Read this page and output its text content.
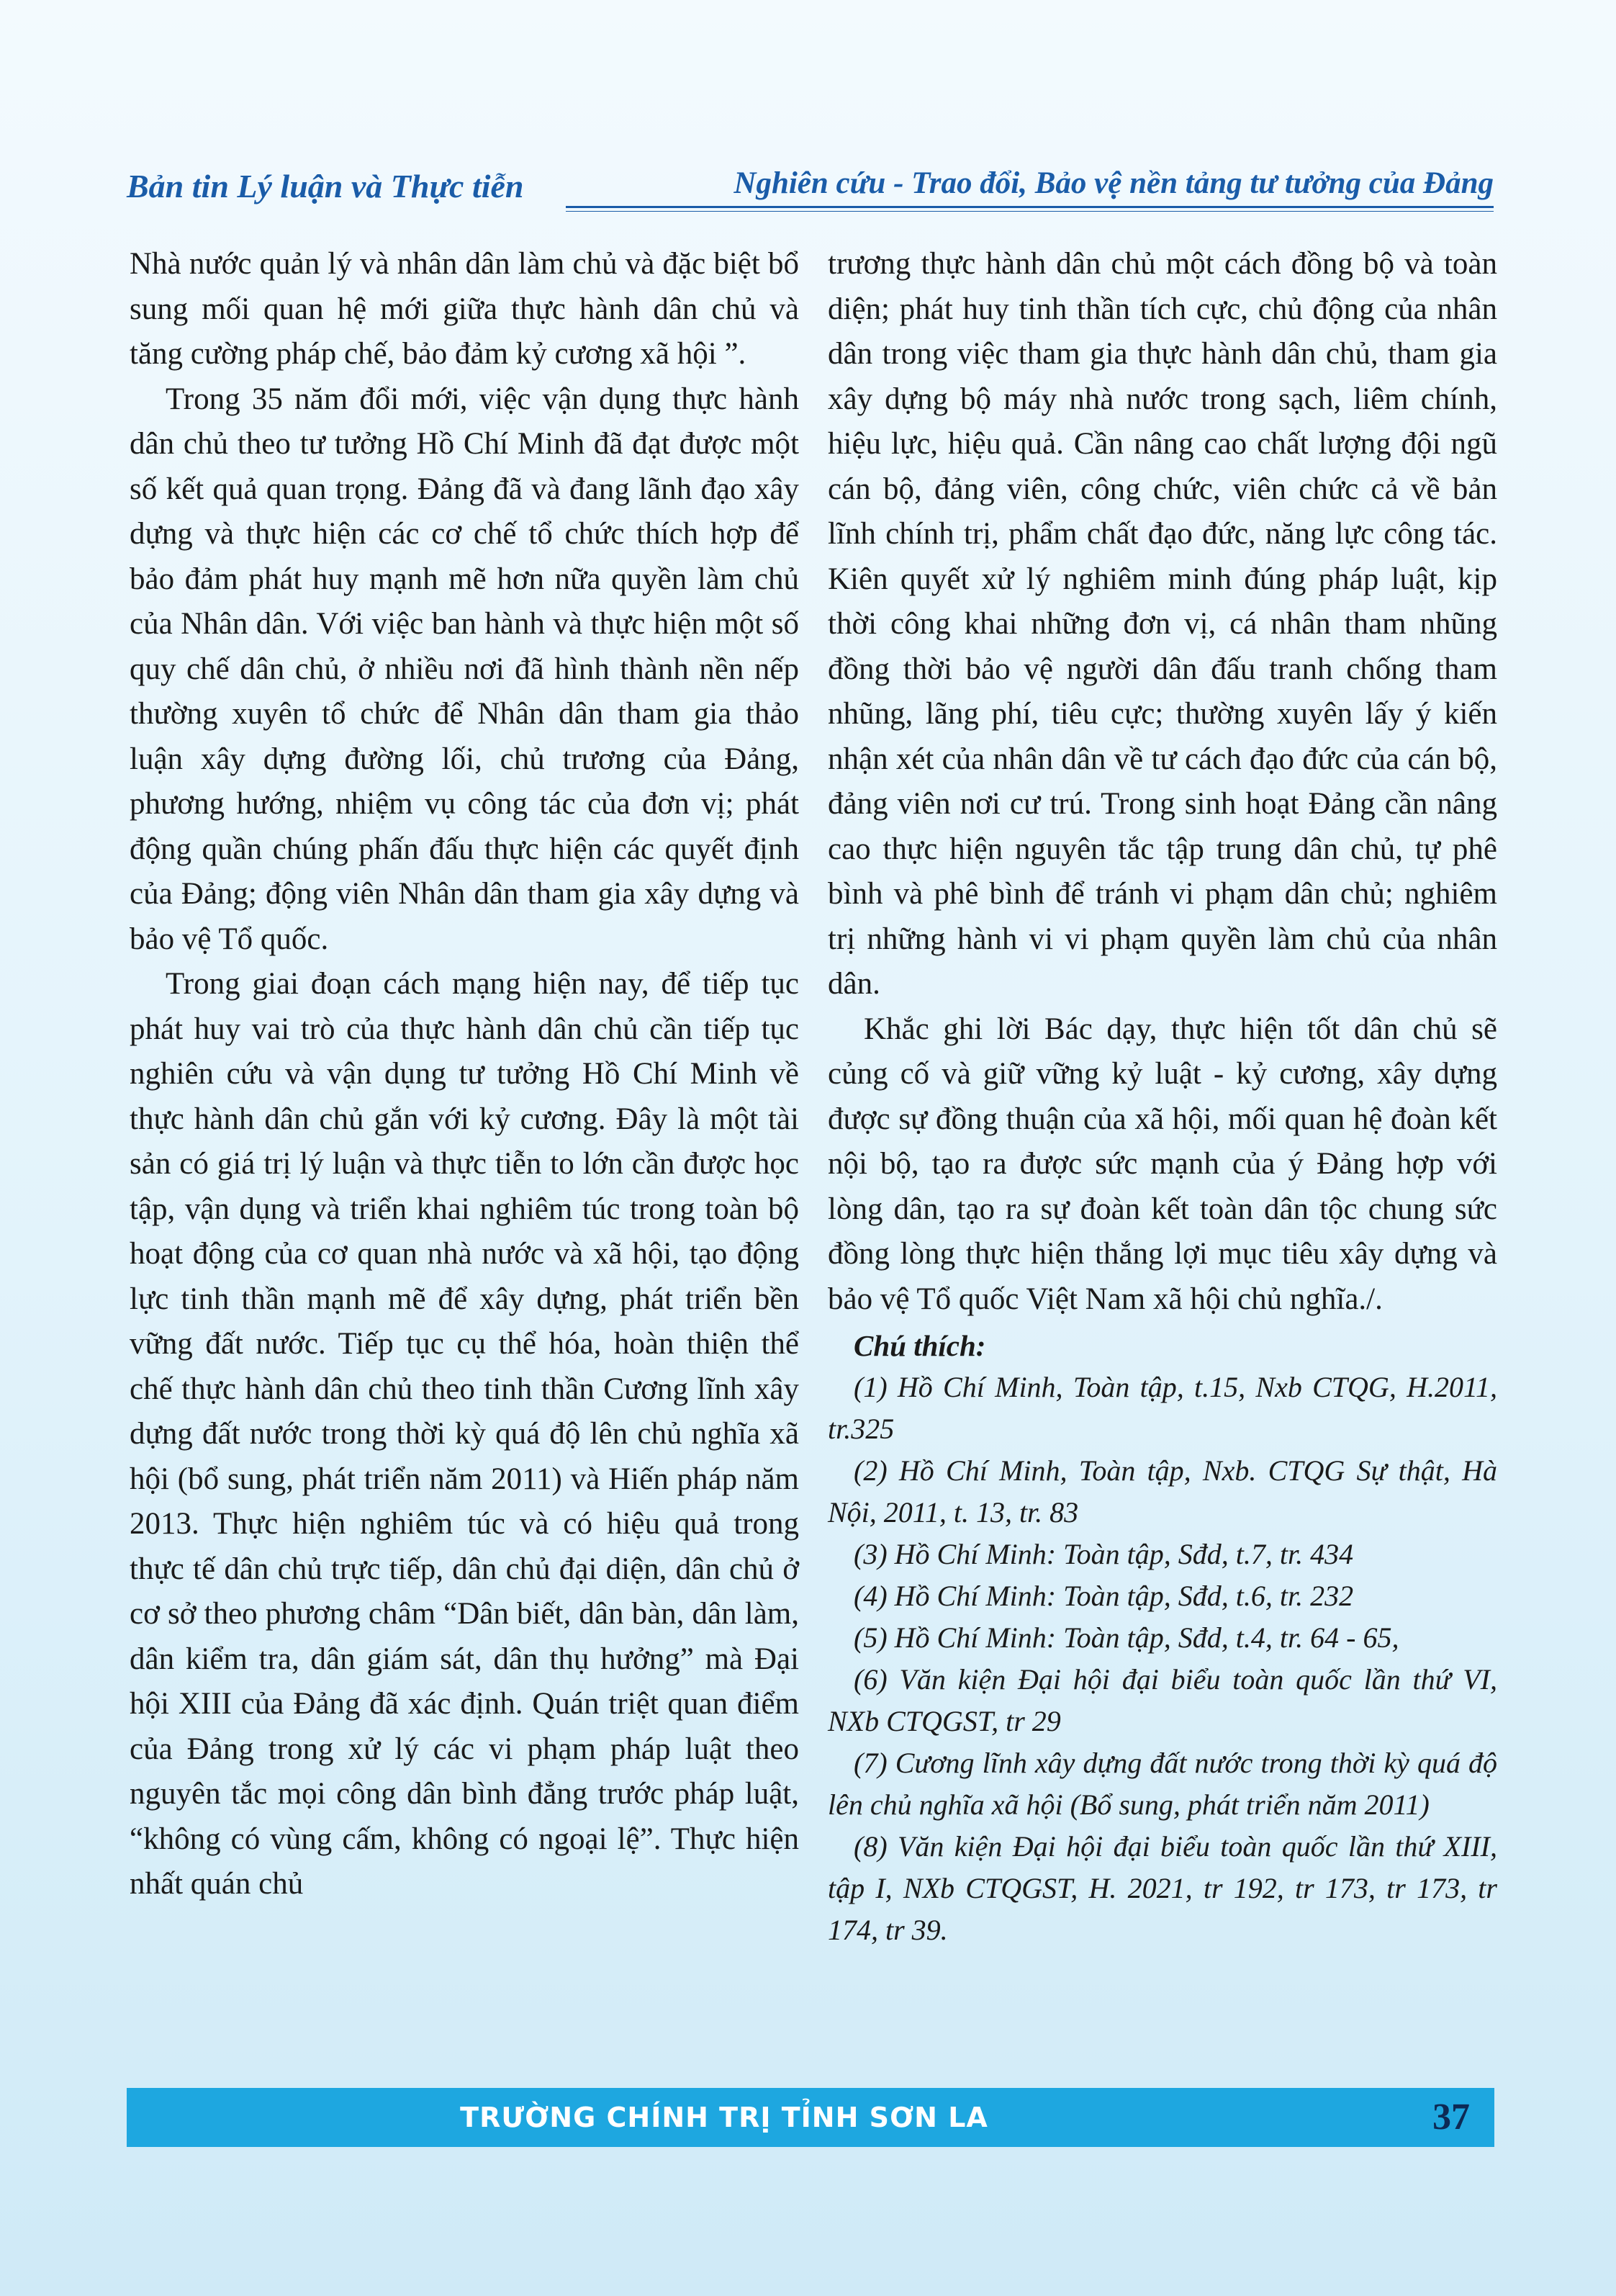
Bản tin Lý luận và Thực tiễn	Nghiên cứu - Trao đổi, Bảo vệ nền tảng tư tưởng của Đảng

Nhà nước quản lý và nhân dân làm chủ và đặc biệt bổ sung mối quan hệ mới giữa thực hành dân chủ và tăng cường pháp chế, bảo đảm kỷ cương xã hội ”.

Trong 35 năm đổi mới, việc vận dụng thực hành dân chủ theo tư tưởng Hồ Chí Minh đã đạt được một số kết quả quan trọng. Đảng đã và đang lãnh đạo xây dựng và thực hiện các cơ chế tổ chức thích hợp để bảo đảm phát huy mạnh mẽ hơn nữa quyền làm chủ của Nhân dân. Với việc ban hành và thực hiện một số quy chế dân chủ, ở nhiều nơi đã hình thành nền nếp thường xuyên tổ chức để Nhân dân tham gia thảo luận xây dựng đường lối, chủ trương của Đảng, phương hướng, nhiệm vụ công tác của đơn vị; phát động quần chúng phấn đấu thực hiện các quyết định của Đảng; động viên Nhân dân tham gia xây dựng và bảo vệ Tổ quốc.

Trong giai đoạn cách mạng hiện nay, để tiếp tục phát huy vai trò của thực hành dân chủ cần tiếp tục nghiên cứu và vận dụng tư tưởng Hồ Chí Minh về thực hành dân chủ gắn với kỷ cương. Đây là một tài sản có giá trị lý luận và thực tiễn to lớn cần được học tập, vận dụng và triển khai nghiêm túc trong toàn bộ hoạt động của cơ quan nhà nước và xã hội, tạo động lực tinh thần mạnh mẽ để xây dựng, phát triển bền vững đất nước. Tiếp tục cụ thể hóa, hoàn thiện thể chế thực hành dân chủ theo tinh thần Cương lĩnh xây dựng đất nước trong thời kỳ quá độ lên chủ nghĩa xã hội (bổ sung, phát triển năm 2011) và Hiến pháp năm 2013. Thực hiện nghiêm túc và có hiệu quả trong thực tế dân chủ trực tiếp, dân chủ đại diện, dân chủ ở cơ sở theo phương châm “Dân biết, dân bàn, dân làm, dân kiểm tra, dân giám sát, dân thụ hưởng” mà Đại hội XIII của Đảng đã xác định. Quán triệt quan điểm của Đảng trong xử lý các vi phạm pháp luật theo nguyên tắc mọi công dân bình đẳng trước pháp luật, “không có vùng cấm, không có ngoại lệ”. Thực hiện nhất quán chủ

trương thực hành dân chủ một cách đồng bộ và toàn diện; phát huy tinh thần tích cực, chủ động của nhân dân trong việc tham gia thực hành dân chủ, tham gia xây dựng bộ máy nhà nước trong sạch, liêm chính, hiệu lực, hiệu quả. Cần nâng cao chất lượng đội ngũ cán bộ, đảng viên, công chức, viên chức cả về bản lĩnh chính trị, phẩm chất đạo đức, năng lực công tác. Kiên quyết xử lý nghiêm minh đúng pháp luật, kịp thời công khai những đơn vị, cá nhân tham nhũng đồng thời bảo vệ người dân đấu tranh chống tham nhũng, lãng phí, tiêu cực; thường xuyên lấy ý kiến nhận xét của nhân dân về tư cách đạo đức của cán bộ, đảng viên nơi cư trú. Trong sinh hoạt Đảng cần nâng cao thực hiện nguyên tắc tập trung dân chủ, tự phê bình và phê bình để tránh vi phạm dân chủ; nghiêm trị những hành vi vi phạm quyền làm chủ của nhân dân.

Khắc ghi lời Bác dạy, thực hiện tốt dân chủ sẽ củng cố và giữ vững kỷ luật - kỷ cương, xây dựng được sự đồng thuận của xã hội, mối quan hệ đoàn kết nội bộ, tạo ra được sức mạnh của ý Đảng hợp với lòng dân, tạo ra sự đoàn kết toàn dân tộc chung sức đồng lòng thực hiện thắng lợi mục tiêu xây dựng và bảo vệ Tổ quốc Việt Nam xã hội chủ nghĩa./.

Chú thích:

(1) Hồ Chí Minh, Toàn tập, t.15, Nxb CTQG, H.2011, tr.325

(2) Hồ Chí Minh, Toàn tập, Nxb. CTQG Sự thật, Hà Nội, 2011, t. 13, tr. 83

(3) Hồ Chí Minh: Toàn tập, Sđd, t.7, tr. 434

(4) Hồ Chí Minh: Toàn tập, Sđd, t.6, tr. 232

(5) Hồ Chí Minh: Toàn tập, Sđd, t.4, tr. 64 - 65,

(6) Văn kiện Đại hội đại biểu toàn quốc lần thứ VI, NXb CTQGST, tr 29

(7) Cương lĩnh xây dựng đất nước trong thời kỳ quá độ lên chủ nghĩa xã hội (Bổ sung, phát triển năm 2011)

(8) Văn kiện Đại hội đại biểu toàn quốc lần thứ XIII, tập I, NXb CTQGST, H. 2021, tr 192, tr 173, tr 173, tr 174, tr 39.

TRƯỜNG CHÍNH TRỊ TỈNH SƠN LA	37
